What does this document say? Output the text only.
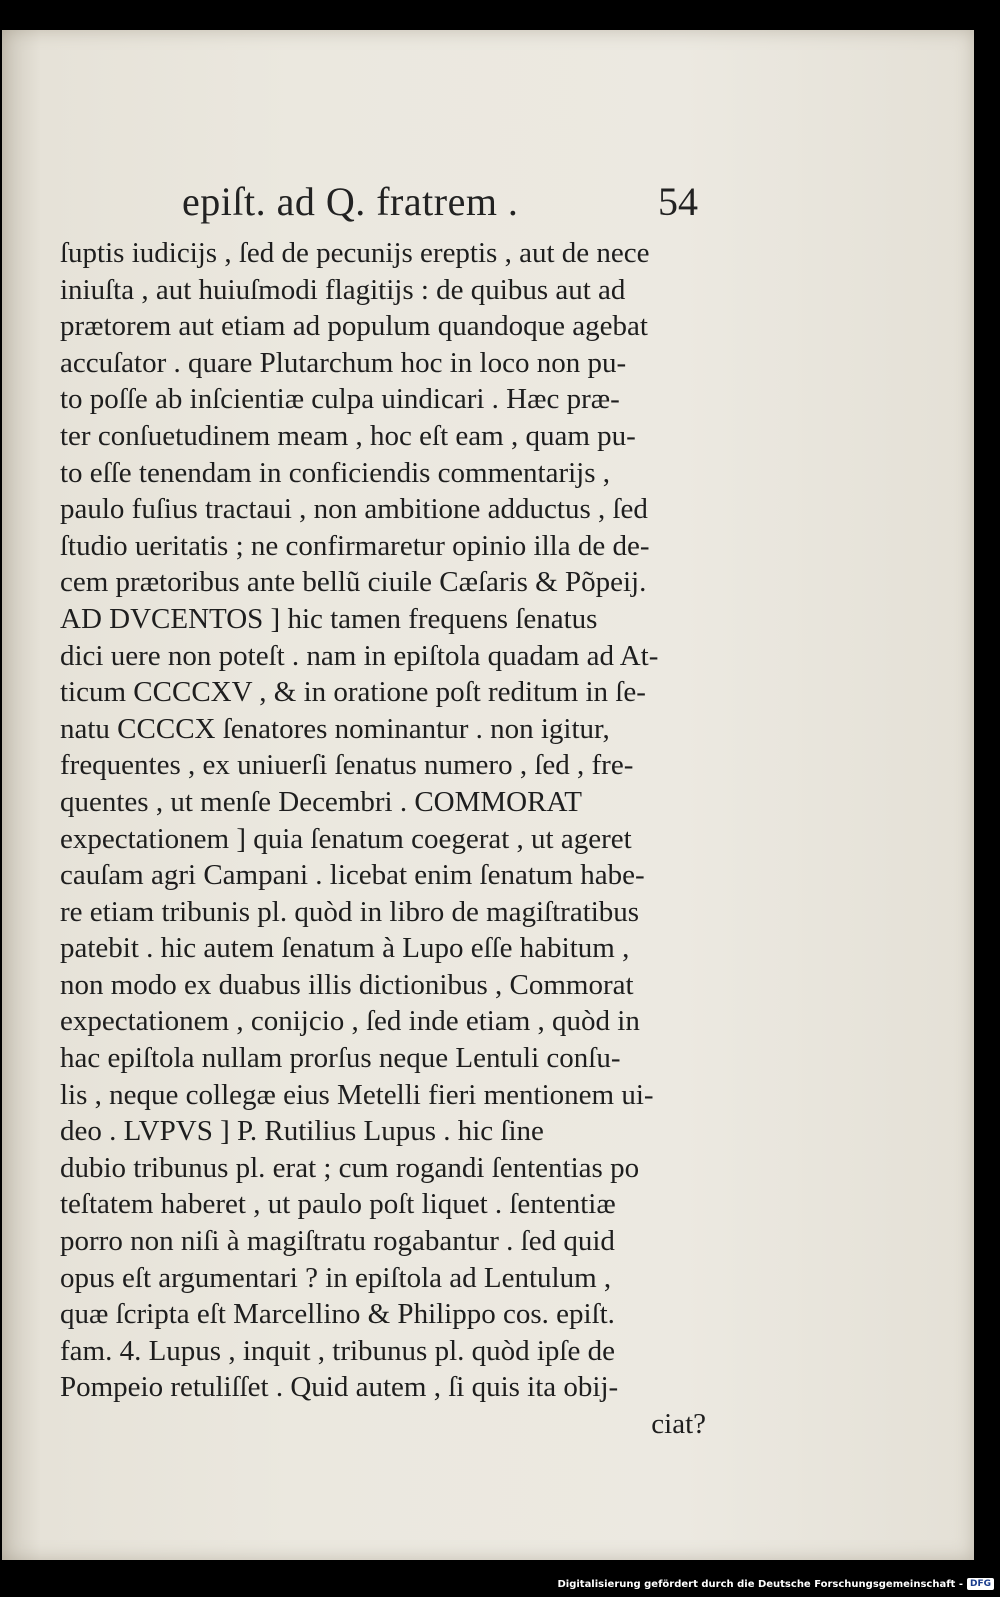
epiſt. ad Q. fratrem .	54
ſuptis iudicijs , ſed de pecunijs ereptis , aut de nece
iniuſta , aut huiuſmodi flagitijs : de quibus aut ad
prætorem aut etiam ad populum quandoque agebat
accuſator . quare Plutarchum hoc in loco non pu-
to poſſe ab inſcientiæ culpa uindicari . Hæc præ-
ter conſuetudinem meam , hoc eſt eam , quam pu-
to eſſe tenendam in conficiendis commentarijs ,
paulo fuſius tractaui , non ambitione adductus , ſed
ſtudio ueritatis ; ne confirmaretur opinio illa de de-
cem prætoribus ante bellũ ciuile Cæſaris & Põpeij.
AD DVCENTOS ] hic tamen frequens ſenatus
dici uere non poteſt . nam in epiſtola quadam ad At-
ticum CCCCXV , & in oratione poſt reditum in ſe-
natu CCCCX ſenatores nominantur . non igitur,
frequentes , ex uniuerſi ſenatus numero , ſed , fre-
quentes , ut menſe Decembri . COMMORAT
expectationem ] quia ſenatum coegerat , ut ageret
cauſam agri Campani . licebat enim ſenatum habe-
re etiam tribunis pl. quòd in libro de magiſtratibus
patebit . hic autem ſenatum à Lupo eſſe habitum ,
non modo ex duabus illis dictionibus , Commorat
expectationem , conijcio , ſed inde etiam , quòd in
hac epiſtola nullam prorſus neque Lentuli conſu-
lis , neque collegæ eius Metelli fieri mentionem ui-
deo . LVPVS ] P. Rutilius Lupus . hic ſine
dubio tribunus pl. erat ; cum rogandi ſententias po
teſtatem haberet , ut paulo poſt liquet . ſententiæ
porro non niſi à magiſtratu rogabantur . ſed quid
opus eſt argumentari ? in epiſtola ad Lentulum ,
quæ ſcripta eſt Marcellino & Philippo cos. epiſt.
fam. 4. Lupus , inquit , tribunus pl. quòd ipſe de
Pompeio retuliſſet . Quid autem , ſi quis ita obij-
ciat?
Digitalisierung gefördert durch die Deutsche Forschungsgemeinschaft - DFG
